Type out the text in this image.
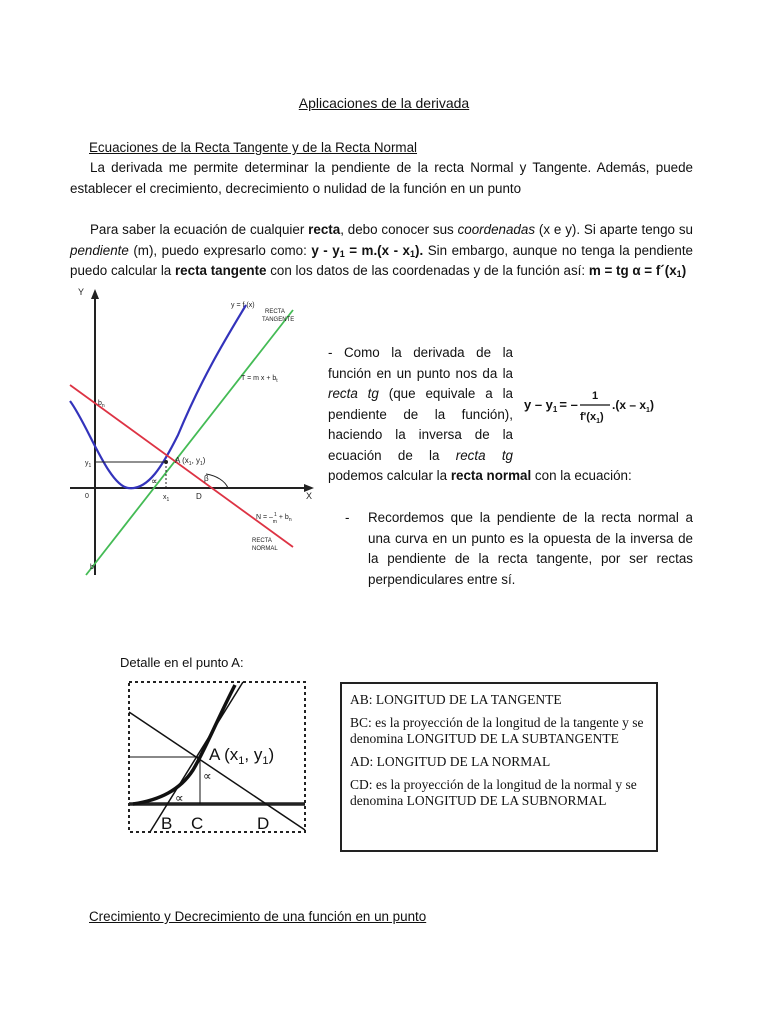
Aplicaciones de la derivada
Ecuaciones de la Recta Tangente y de la Recta Normal
La derivada me permite determinar la pendiente de la recta Normal y Tangente. Además, puede establecer el crecimiento, decrecimiento o nulidad de la función en un punto
Para saber la ecuación de cualquier recta, debo conocer sus coordenadas (x e y). Si aparte tengo su pendiente (m), puedo expresarlo como: $y - y_1 = m.(x - x_1)$. Sin embargo, aunque no tenga la pendiente puedo calcular la recta tangente con los datos de las coordenadas y de la función así: m = tg $\alpha = f´(x_1)$
Y
X
y = f (x)
RECTA
TANGENTE
T = m $x + b_t$
$b_n$
$y_1$
A ($x_1$, $y_1$)
β
∝
0	$x_1$	D
N = –$^1$ $m+ b_n$
RECTA
NORMAL
$b_t$
- Como la derivada de la función en un punto nos da la recta tg (que equivale a la pendiente de la función), haciendo la inversa de la ecuación de la recta tg podemos calcular la recta normal con la ecuación:
y – $y_1$ = –
1
$f'(x_1)$
$.(x - x_1)$
- Recordemos que la pendiente de la recta normal a una curva en un punto es la opuesta de la inversa de la pendiente de la recta tangente, por ser rectas perpendiculares entre sí.
Detalle en el punto A:
A ($x_1$, $y_1$)
∝
∝
B C	D
AB: LONGITUD DE LA TANGENTE
BC: es la proyección de la longitud de la tangente y se denomina LONGITUD DE LA SUBTANGENTE
AD: LONGITUD DE LA NORMAL
CD: es la proyección de la longitud de la normal y se denomina LONGITUD DE LA SUBNORMAL
Crecimiento y Decrecimiento de una función en un punto
